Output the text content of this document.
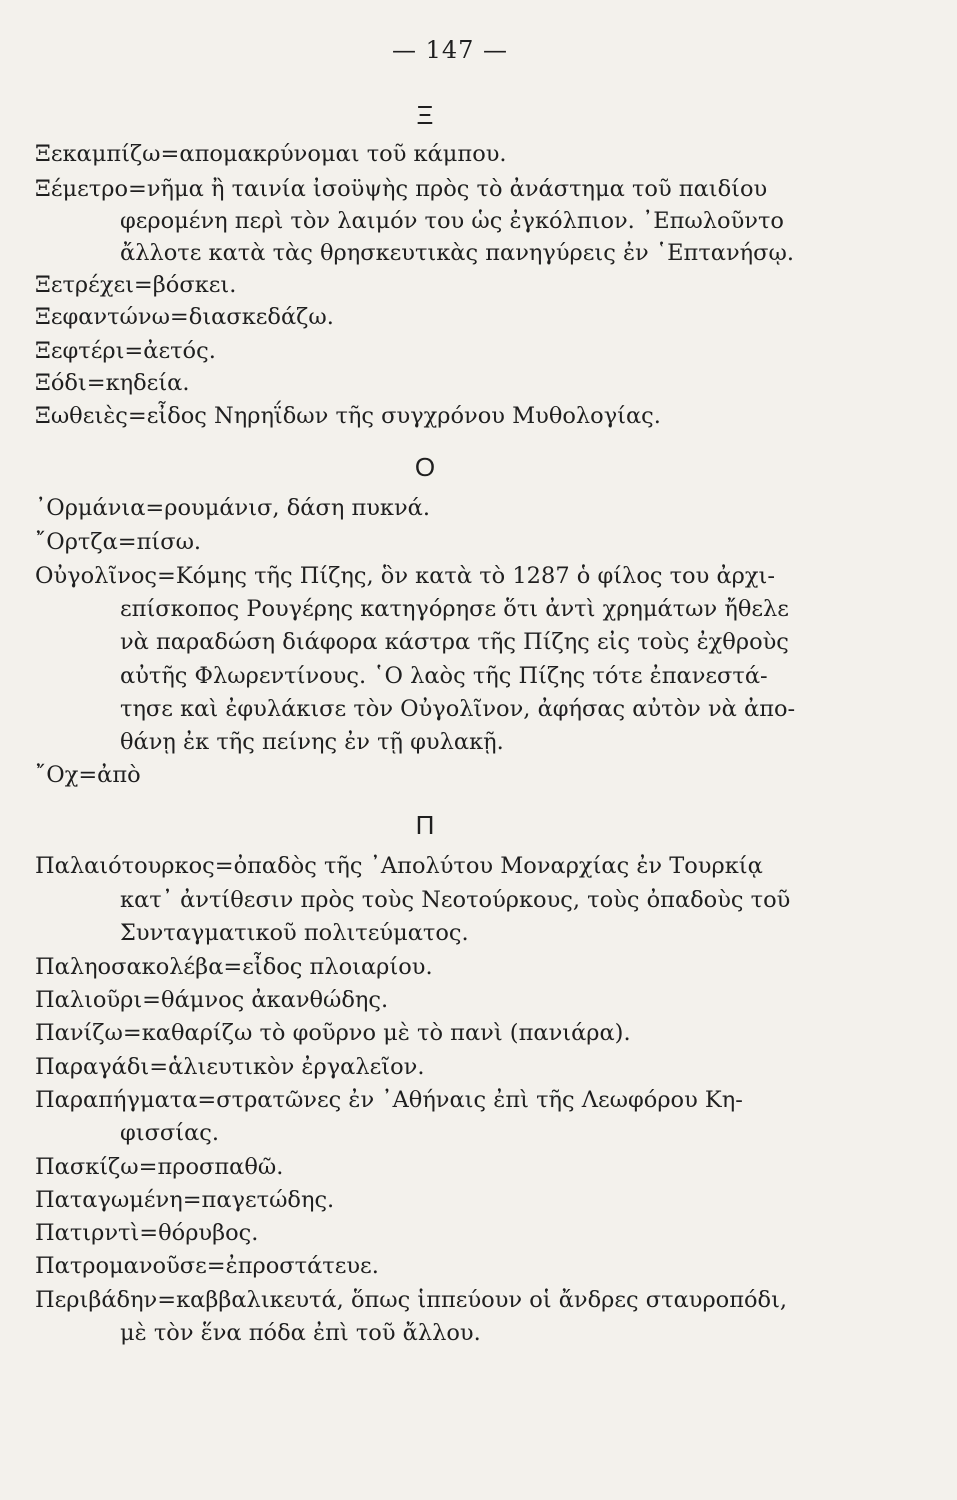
— 147 —
Ξ
Ξεκαμπίζω=απομακρύνομαι τοῦ κάμπου.
Ξέμετρο=νῆμα ἢ ταινία ἰσοϋψὴς πρὸς τὸ ἀνάστημα τοῦ παιδίου
φερομένη περὶ τὸν λαιμόν του ὡς ἐγκόλπιον. ᾿Επωλοῦντο
ἄλλοτε κατὰ τὰς θρησκευτικὰς πανηγύρεις ἐν ῾Επτανήσῳ.
Ξετρέχει=βόσκει.
Ξεφαντώνω=διασκεδάζω.
Ξεφτέρι=ἀετός.
Ξόδι=κηδεία.
Ξωθειὲς=εἶδος Νηρηΐδων τῆς συγχρόνου Μυθολογίας.
Ο
᾿Ορμάνια=ρουμάνισ, δάση πυκνά.
῎Ορτζα=πίσω.
Οὐγολῖνος=Κόμης τῆς Πίζης, ὃν κατὰ τὸ 1287 ὁ φίλος του ἀρχι-
επίσκοπος Ρουγέρης κατηγόρησε ὅτι ἀντὶ χρημάτων ἤθελε
νὰ παραδώση διάφορα κάστρα τῆς Πίζης εἰς τοὺς ἐχθροὺς
αὐτῆς Φλωρεντίνους. ῾Ο λαὸς τῆς Πίζης τότε ἐπανεστά-
τησε καὶ ἐφυλάκισε τὸν Οὐγολῖνον, ἀφήσας αὐτὸν νὰ ἀπο-
θάνῃ ἐκ τῆς πείνης ἐν τῇ φυλακῇ.
῎Οχ=ἀπὸ
Π
Παλαιότουρκος=ὀπαδὸς τῆς ᾿Απολύτου Μοναρχίας ἐν Τουρκίᾳ
κατ᾿ ἀντίθεσιν πρὸς τοὺς Νεοτούρκους, τοὺς ὀπαδοὺς τοῦ
Συνταγματικοῦ πολιτεύματος.
Παληοσακολέβα=εἶδος πλοιαρίου.
Παλιοῦρι=θάμνος ἀκανθώδης.
Πανίζω=καθαρίζω τὸ φοῦρνο μὲ τὸ πανὶ (πανιάρα).
Παραγάδι=ἁλιευτικὸν ἐργαλεῖον.
Παραπήγματα=στρατῶνες ἐν ᾿Αθήναις ἐπὶ τῆς Λεωφόρου Κη-
φισσίας.
Πασκίζω=προσπαθῶ.
Παταγωμένη=παγετώδης.
Πατιρντὶ=θόρυβος.
Πατρομανοῦσε=ἐπροστάτευε.
Περιβάδην=καββαλικευτά, ὅπως ἱππεύουν οἱ ἄνδρες σταυροπόδι,
μὲ τὸν ἕνα πόδα ἐπὶ τοῦ ἄλλου.
